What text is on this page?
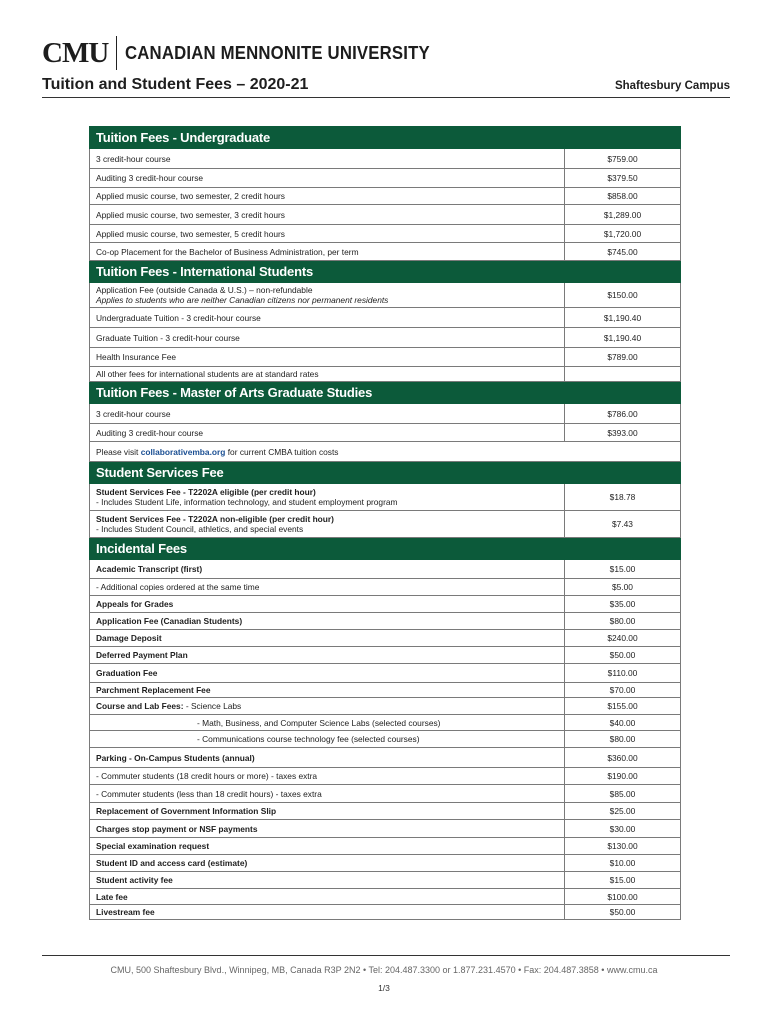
CMU CANADIAN MENNONITE UNIVERSITY
Tuition and Student Fees – 2020-21	Shaftesbury Campus
Tuition Fees - Undergraduate	
3 credit-hour course	$759.00
Auditing 3 credit-hour course	$379.50
Applied music course, two semester, 2 credit hours	$858.00
Applied music course, two semester, 3 credit hours	$1,289.00
Applied music course, two semester, 5 credit hours	$1,720.00
Co-op Placement for the Bachelor of Business Administration, per term	$745.00
Tuition Fees - International Students	

Application Fee (outside Canada & U.S.) – non-refundable
Applies to students who are neither Canadian citizens nor permanent residents	$150.00
Undergraduate Tuition - 3 credit-hour course	$1,190.40
Graduate Tuition - 3 credit-hour course	$1,190.40
Health Insurance Fee	$789.00
All other fees for international students are at standard rates	
Tuition Fees - Master of Arts Graduate Studies	
3 credit-hour course	$786.00
Auditing 3 credit-hour course	$393.00
Please visit collaborativemba.org for current CMBA tuition costs	
Student Services Fee	

Student Services Fee - T2202A eligible (per credit hour)
- Includes Student Life, information technology, and student employment program	$18.78

Student Services Fee - T2202A non-eligible (per credit hour)
- Includes Student Council, athletics, and special events	$7.43
Incidental Fees	
Academic Transcript (first)	$15.00
- Additional copies ordered at the same time	$5.00
Appeals for Grades	$35.00
Application Fee (Canadian Students)	$80.00
Damage Deposit	$240.00
Deferred Payment Plan	$50.00
Graduation Fee	$110.00
Parchment Replacement Fee	$70.00
Course and Lab Fees: - Science Labs	$155.00
- Math, Business, and Computer Science Labs (selected courses)	$40.00
- Communications course technology fee (selected courses)	$80.00
Parking - On-Campus Students (annual)	$360.00
- Commuter students (18 credit hours or more) - taxes extra	$190.00
- Commuter students (less than 18 credit hours) - taxes extra	$85.00
Replacement of Government Information Slip	$25.00
Charges stop payment or NSF payments	$30.00
Special examination request	$130.00
Student ID and access card (estimate)	$10.00
Student activity fee	$15.00
Late fee	$100.00
Livestream fee	$50.00
CMU, 500 Shaftesbury Blvd., Winnipeg, MB, Canada R3P 2N2 • Tel: 204.487.3300 or 1.877.231.4570 • Fax: 204.487.3858 • www.cmu.ca
1/3
